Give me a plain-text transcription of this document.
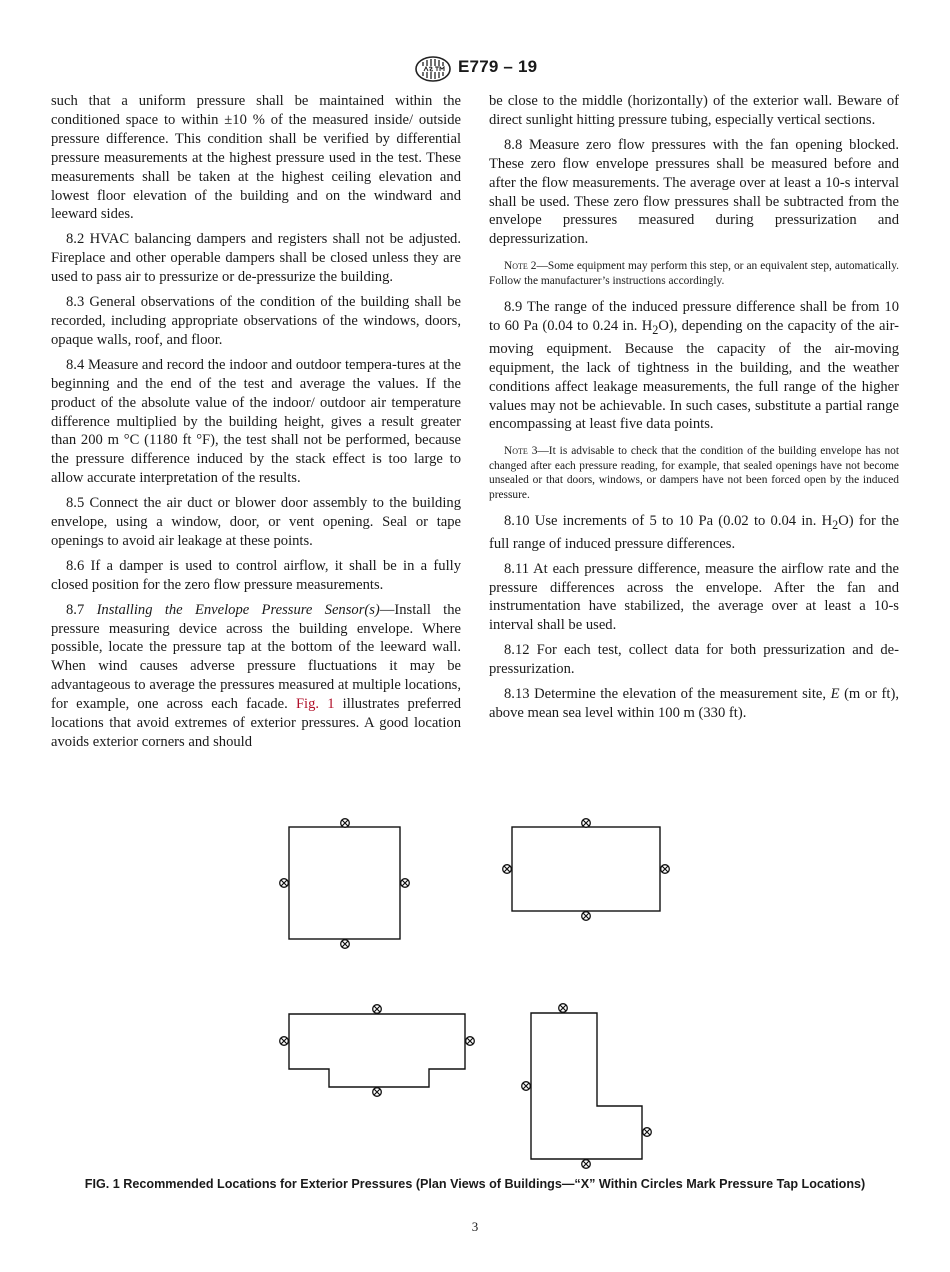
E779 – 19

such that a uniform pressure shall be maintained within the conditioned space to within ±10 % of the measured inside/ outside pressure difference. This condition shall be verified by differential pressure measurements at the highest pressure used in the test. These measurements shall be taken at the highest ceiling elevation and lowest floor elevation of the building and on the windward and leeward sides.

8.2 HVAC balancing dampers and registers shall not be adjusted. Fireplace and other operable dampers shall be closed unless they are used to pass air to pressurize or de-pressurize the building.

8.3 General observations of the condition of the building shall be recorded, including appropriate observations of the windows, doors, opaque walls, roof, and floor.

8.4 Measure and record the indoor and outdoor tempera-tures at the beginning and the end of the test and average the values. If the product of the absolute value of the indoor/ outdoor air temperature difference multiplied by the building height, gives a result greater than 200 m °C (1180 ft °F), the test shall not be performed, because the pressure difference induced by the stack effect is too large to allow accurate interpretation of the results.

8.5 Connect the air duct or blower door assembly to the building envelope, using a window, door, or vent opening. Seal or tape openings to avoid air leakage at these points.

8.6 If a damper is used to control airflow, it shall be in a fully closed position for the zero flow pressure measurements.

8.7 Installing the Envelope Pressure Sensor(s)—Install the pressure measuring device across the building envelope. Where possible, locate the pressure tap at the bottom of the leeward wall. When wind causes adverse pressure fluctuations it may be advantageous to average the pressures measured at multiple locations, for example, one across each facade. Fig. 1 illustrates preferred locations that avoid extremes of exterior pressures. A good location avoids exterior corners and should

be close to the middle (horizontally) of the exterior wall. Beware of direct sunlight hitting pressure tubing, especially vertical sections.

8.8 Measure zero flow pressures with the fan opening blocked. These zero flow envelope pressures shall be measured before and after the flow measurements. The average over at least a 10-s interval shall be used. These zero flow pressures shall be subtracted from the envelope pressures measured during pressurization and depressurization.

Note 2—Some equipment may perform this step, or an equivalent step, automatically. Follow the manufacturer’s instructions accordingly.

8.9 The range of the induced pressure difference shall be from 10 to 60 Pa (0.04 to 0.24 in. $H_2O$), depending on the capacity of the air-moving equipment. Because the capacity of the air-moving equipment, the lack of tightness in the building, and the weather conditions affect leakage measurements, the full range of the higher values may not be achievable. In such cases, substitute a partial range encompassing at least five data points.

Note 3—It is advisable to check that the condition of the building envelope has not changed after each pressure reading, for example, that sealed openings have not become unsealed or that doors, windows, or dampers have not been forced open by the induced pressure.

8.10 Use increments of 5 to 10 Pa (0.02 to 0.04 in. $H_2O$) for the full range of induced pressure differences.

8.11 At each pressure difference, measure the airflow rate and the pressure differences across the envelope. After the fan and instrumentation have stabilized, the average over at least a 10-s interval shall be used.

8.12 For each test, collect data for both pressurization and de-pressurization.

8.13 Determine the elevation of the measurement site, E (m or ft), above mean sea level within 100 m (330 ft).

FIG. 1 Recommended Locations for Exterior Pressures (Plan Views of Buildings—“X” Within Circles Mark Pressure Tap Locations)
3
